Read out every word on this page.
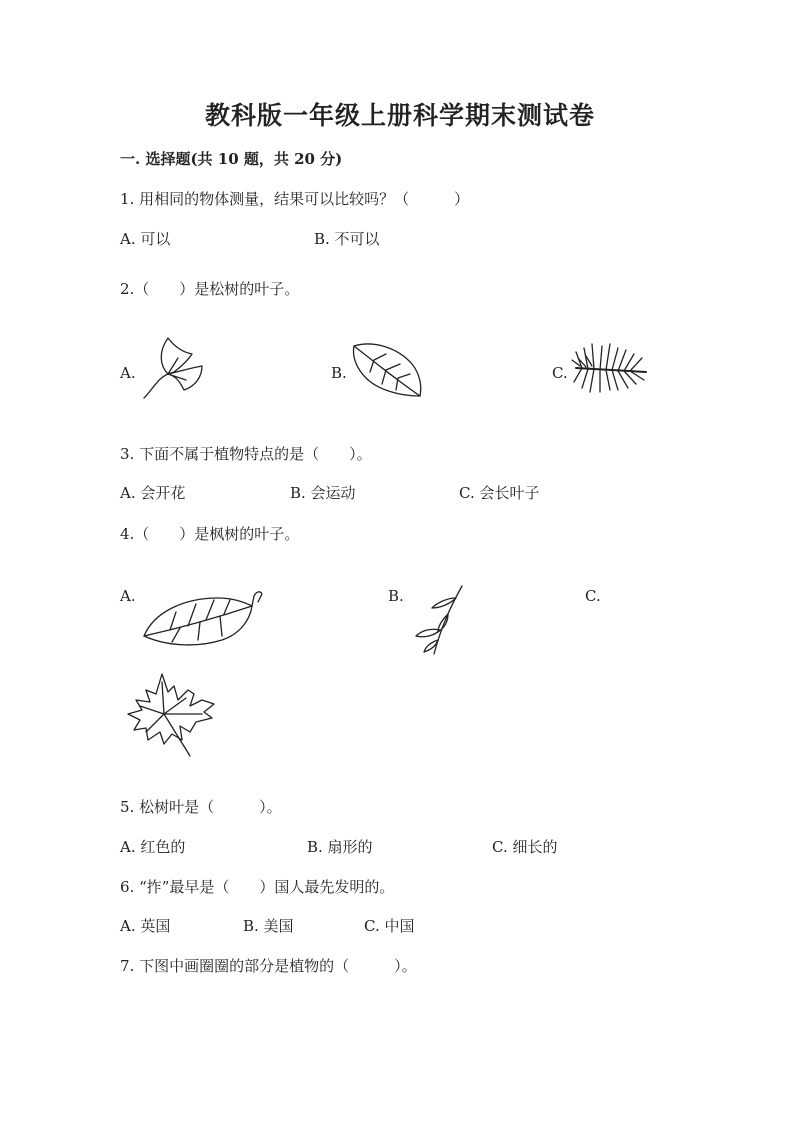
教科版一年级上册科学期末测试卷
一. 选择题(共 10 题，共 20 分)
1. 用相同的物体测量，结果可以比较吗？（　　　）
A. 可以	B. 不可以
2.（　　）是松树的叶子。
A.	B.	C.
3. 下面不属于植物特点的是（　　）。
A. 会开花	B. 会运动	C. 会长叶子
4.（　　）是枫树的叶子。
A.	B.	C.
5. 松树叶是（　　　）。
A. 红色的	B. 扇形的	C. 细长的
6. “拃”最早是（　　）国人最先发明的。
A. 英国	B. 美国	C. 中国
7. 下图中画圈圈的部分是植物的（　　　）。
